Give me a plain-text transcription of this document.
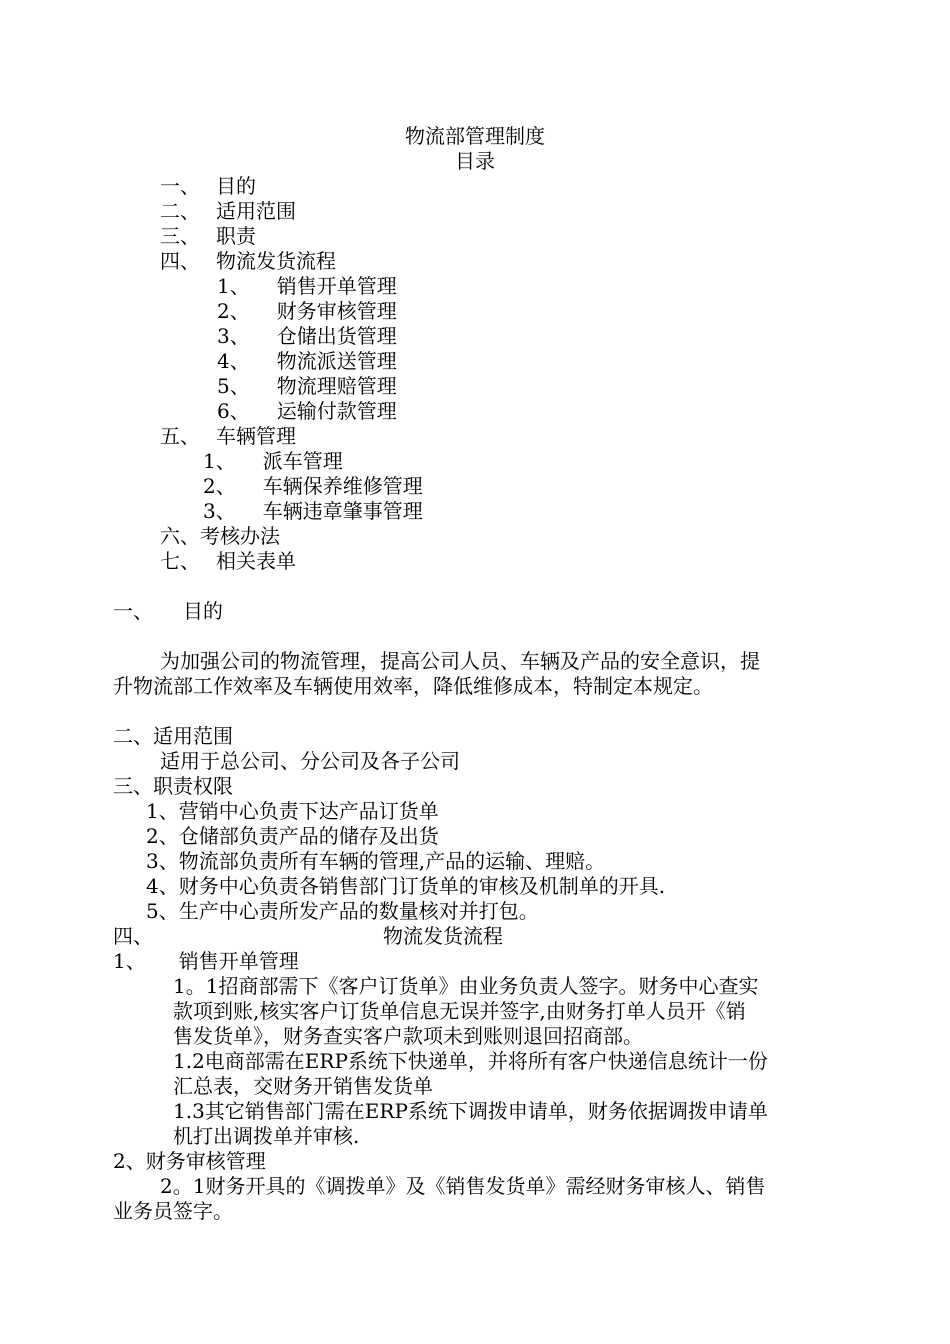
物流部管理制度
目录
一、 目的
二、 适用范围
三、 职责
四、 物流发货流程
1、 销售开单管理
2、 财务审核管理
3、 仓储出货管理
4、 物流派送管理
5、 物流理赔管理
6、 运输付款管理
五、 车辆管理
1、 派车管理
2、 车辆保养维修管理
3、 车辆违章肇事管理
六、考核办法
七、 相关表单
一、 目的
为加强公司的物流管理，提高公司人员、车辆及产品的安全意识，提
升物流部工作效率及车辆使用效率，降低维修成本，特制定本规定。
二、适用范围
适用于总公司、分公司及各子公司
三、职责权限
1、营销中心负责下达产品订货单
2、仓储部负责产品的储存及出货
3、物流部负责所有车辆的管理,产品的运输、理赔。
4、财务中心负责各销售部门订货单的审核及机制单的开具.
5、生产中心责所发产品的数量核对并打包。
四、	物流发货流程
1、 销售开单管理
1。1招商部需下《客户订货单》由业务负责人签字。财务中心查实
款项到账,核实客户订货单信息无误并签字,由财务打单人员开《销
售发货单》，财务查实客户款项未到账则退回招商部。
1.2电商部需在ERP系统下快递单，并将所有客户快递信息统计一份
汇总表，交财务开销售发货单
1.3其它销售部门需在ERP系统下调拨申请单，财务依据调拨申请单
机打出调拨单并审核.
2、财务审核管理
2。1财务开具的《调拨单》及《销售发货单》需经财务审核人、销售
业务员签字。
